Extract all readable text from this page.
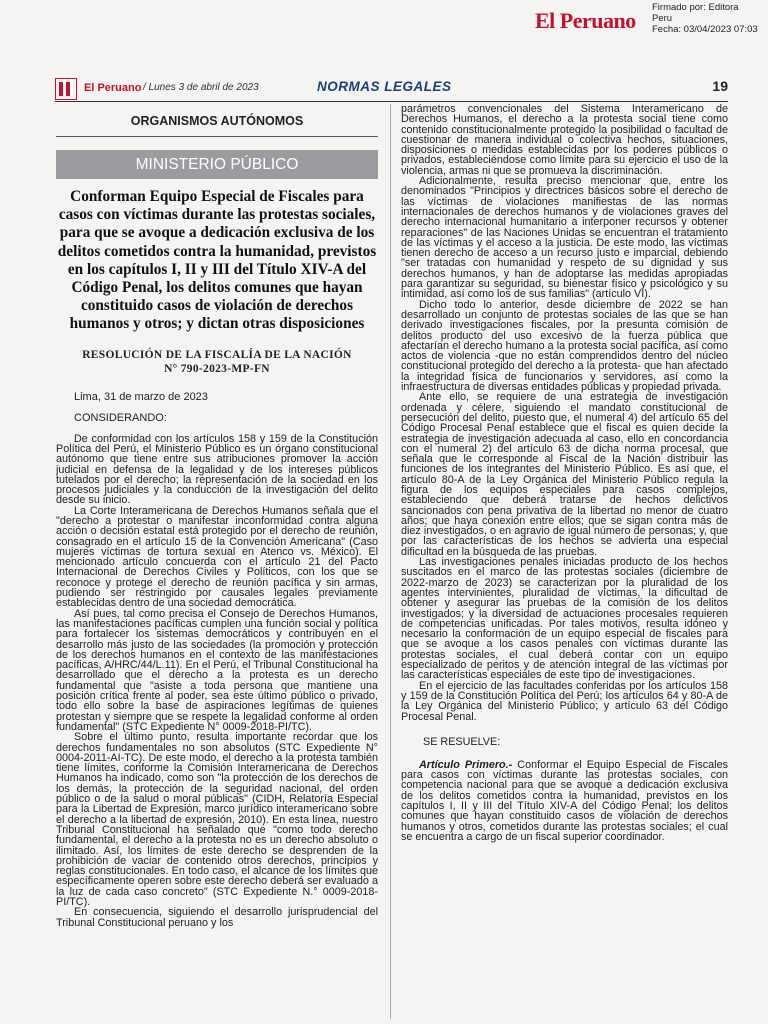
El Peruano
Firmado por: Editora
Peru
Fecha: 03/04/2023 07:03
El Peruano / Lunes 3 de abril de 2023	NORMAS LEGALES	19
ORGANISMOS AUTÓNOMOS
MINISTERIO PÚBLICO
Conforman Equipo Especial de Fiscales para casos con víctimas durante las protestas sociales, para que se avoque a dedicación exclusiva de los delitos cometidos contra la humanidad, previstos en los capítulos I, II y III del Título XIV-A del Código Penal, los delitos comunes que hayan constituido casos de violación de derechos humanos y otros; y dictan otras disposiciones
RESOLUCIÓN DE LA FISCALÍA DE LA NACIÓN
N° 790-2023-MP-FN
Lima, 31 de marzo de 2023
CONSIDERANDO:

De conformidad con los artículos 158 y 159 de la Constitución Política del Perú, el Ministerio Público es un órgano constitucional autónomo que tiene entre sus atribuciones promover la acción judicial en defensa de la legalidad y de los intereses públicos tutelados por el derecho; la representación de la sociedad en los procesos judiciales y la conducción de la investigación del delito desde su inicio.

La Corte Interamericana de Derechos Humanos señala que el "derecho a protestar o manifestar inconformidad contra alguna acción o decisión estatal está protegido por el derecho de reunión, consagrado en el artículo 15 de la Convención Americana" (Caso mujeres víctimas de tortura sexual en Atenco vs. México). El mencionado artículo concuerda con el artículo 21 del Pacto Internacional de Derechos Civiles y Políticos, con los que se reconoce y protege el derecho de reunión pacífica y sin armas, pudiendo ser restringido por causales legales previamente establecidas dentro de una sociedad democrática.

Así pues, tal como precisa el Consejo de Derechos Humanos, las manifestaciones pacíficas cumplen una función social y política para fortalecer los sistemas democráticos y contribuyen en el desarrollo más justo de las sociedades (la promoción y protección de los derechos humanos en el contexto de las manifestaciones pacíficas, A/HRC/44/L.11). En el Perú, el Tribunal Constitucional ha desarrollado que el derecho a la protesta es un derecho fundamental que "asiste a toda persona que mantiene una posición crítica frente al poder, sea este último público o privado, todo ello sobre la base de aspiraciones legítimas de quienes protestan y siempre que se respete la legalidad conforme al orden fundamental" (STC Expediente N° 0009-2018-PI/TC).

Sobre el último punto, resulta importante recordar que los derechos fundamentales no son absolutos (STC Expediente N° 0004-2011-AI-TC). De este modo, el derecho a la protesta también tiene límites, conforme la Comisión Interamericana de Derechos Humanos ha indicado, como son "la protección de los derechos de los demás, la protección de la seguridad nacional, del orden público o de la salud o moral públicas" (CIDH, Relatoría Especial para la Libertad de Expresión, marco jurídico interamericano sobre el derecho a la libertad de expresión, 2010). En esta línea, nuestro Tribunal Constitucional ha señalado que "como todo derecho fundamental, el derecho a la protesta no es un derecho absoluto o ilimitado. Así, los límites de este derecho se desprenden de la prohibición de vaciar de contenido otros derechos, principios y reglas constitucionales. En todo caso, el alcance de los límites que específicamente operen sobre este derecho deberá ser evaluado a la luz de cada caso concreto" (STC Expediente N.° 0009-2018-PI/TC).

En consecuencia, siguiendo el desarrollo jurisprudencial del Tribunal Constitucional peruano y los

parámetros convencionales del Sistema Interamericano de Derechos Humanos, el derecho a la protesta social tiene como contenido constitucionalmente protegido la posibilidad o facultad de cuestionar de manera individual o colectiva hechos, situaciones, disposiciones o medidas establecidas por los poderes públicos o privados, estableciéndose como límite para su ejercicio el uso de la violencia, armas ni que se promueva la discriminación.

Adicionalmente, resulta preciso mencionar que, entre los denominados "Principios y directrices básicos sobre el derecho de las víctimas de violaciones manifiestas de las normas internacionales de derechos humanos y de violaciones graves del derecho internacional humanitario a interponer recursos y obtener reparaciones" de las Naciones Unidas se encuentran el tratamiento de las víctimas y el acceso a la justicia. De este modo, las víctimas tienen derecho de acceso a un recurso justo e imparcial, debiendo "ser tratadas con humanidad y respeto de su dignidad y sus derechos humanos, y han de adoptarse las medidas apropiadas para garantizar su seguridad, su bienestar físico y psicológico y su intimidad, así como los de sus familias" (artículo VI).

Dicho todo lo anterior, desde diciembre de 2022 se han desarrollado un conjunto de protestas sociales de las que se han derivado investigaciones fiscales, por la presunta comisión de delitos producto del uso excesivo de la fuerza pública que afectarían el derecho humano a la protesta social pacífica, así como actos de violencia -que no están comprendidos dentro del núcleo constitucional protegido del derecho a la protesta- que han afectado la integridad física de funcionarios y servidores, así como la infraestructura de diversas entidades públicas y propiedad privada.

Ante ello, se requiere de una estrategia de investigación ordenada y célere, siguiendo el mandato constitucional de persecución del delito, puesto que, el numeral 4) del artículo 65 del Código Procesal Penal establece que el fiscal es quien decide la estrategia de investigación adecuada al caso, ello en concordancia con el numeral 2) del artículo 63 de dicha norma procesal, que señala que le corresponde al Fiscal de la Nación distribuir las funciones de los integrantes del Ministerio Público. Es así que, el artículo 80-A de la Ley Orgánica del Ministerio Público regula la figura de los equipos especiales para casos complejos, estableciendo que deberá tratarse de hechos delictivos sancionados con pena privativa de la libertad no menor de cuatro años; que haya conexión entre ellos; que se sigan contra más de diez investigados, o en agravio de igual número de personas; y, que por las características de los hechos se advierta una especial dificultad en la búsqueda de las pruebas.

Las investigaciones penales iniciadas producto de los hechos suscitados en el marco de las protestas sociales (diciembre de 2022-marzo de 2023) se caracterizan por la pluralidad de los agentes intervinientes, pluralidad de víctimas, la dificultad de obtener y asegurar las pruebas de la comisión de los delitos investigados; y la diversidad de actuaciones procesales requieren de competencias unificadas. Por tales motivos, resulta idóneo y necesario la conformación de un equipo especial de fiscales para que se avoque a los casos penales con víctimas durante las protestas sociales, el cual deberá contar con un equipo especializado de peritos y de atención integral de las víctimas por las características especiales de este tipo de investigaciones.

En el ejercicio de las facultades conferidas por los artículos 158 y 159 de la Constitución Política del Perú; los artículos 64 y 80-A de la Ley Orgánica del Ministerio Público; y artículo 63 del Código Procesal Penal.

SE RESUELVE:

Artículo Primero.- Conformar el Equipo Especial de Fiscales para casos con víctimas durante las protestas sociales, con competencia nacional para que se avoque a dedicación exclusiva de los delitos cometidos contra la humanidad, previstos en los capítulos I, II y III del Título XIV-A del Código Penal; los delitos comunes que hayan constituido casos de violación de derechos humanos y otros, cometidos durante las protestas sociales; el cual se encuentra a cargo de un fiscal superior coordinador.
